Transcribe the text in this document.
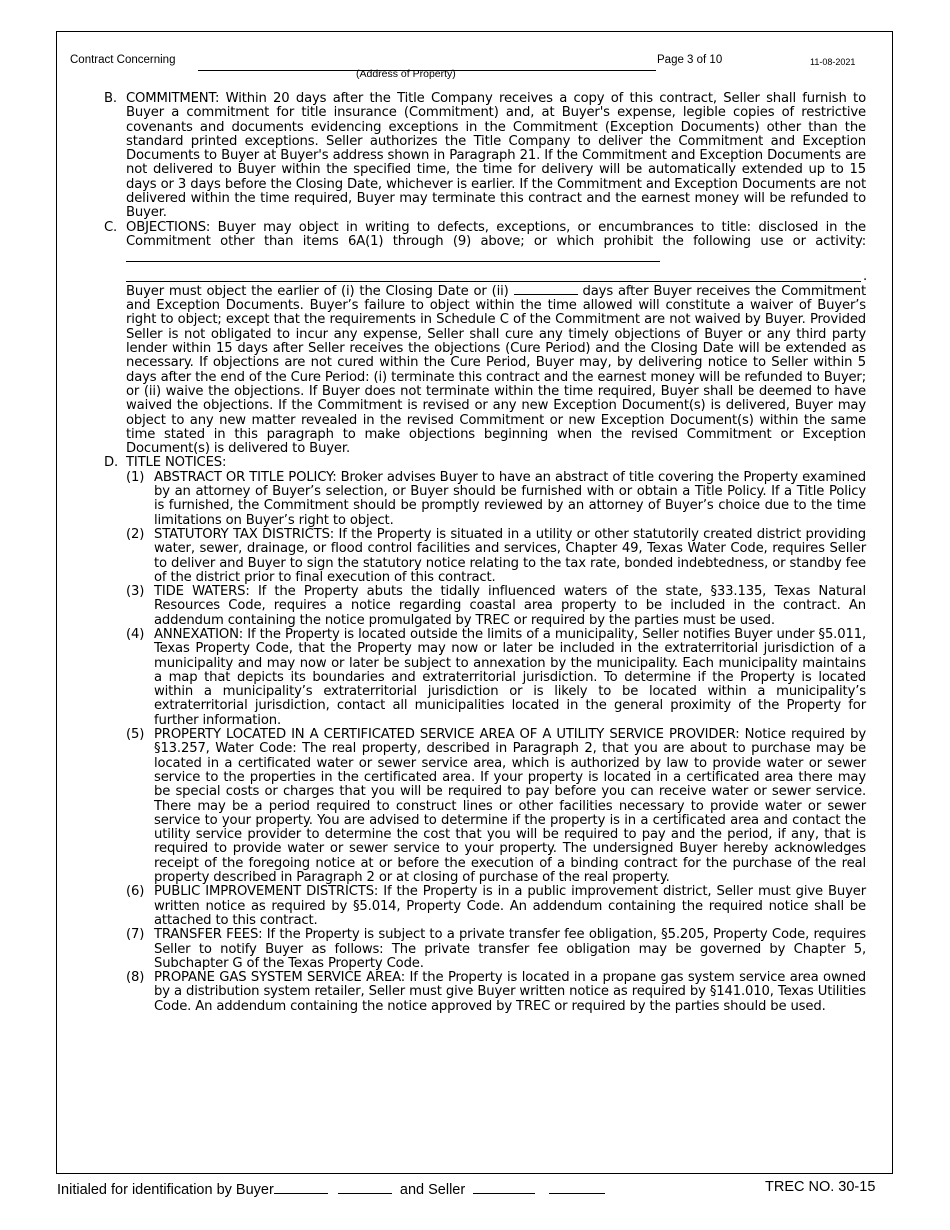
Contract Concerning
(Address of Property)
Page 3 of 10	11-08-2021
B. COMMITMENT: Within 20 days after the Title Company receives a copy of this contract, Seller shall furnish to Buyer a commitment for title insurance (Commitment) and, at Buyer's expense, legible copies of restrictive covenants and documents evidencing exceptions in the Commitment (Exception Documents) other than the standard printed exceptions. Seller authorizes the Title Company to deliver the Commitment and Exception Documents to Buyer at Buyer's address shown in Paragraph 21. If the Commitment and Exception Documents are not delivered to Buyer within the specified time, the time for delivery will be automatically extended up to 15 days or 3 days before the Closing Date, whichever is earlier. If the Commitment and Exception Documents are not delivered within the time required, Buyer may terminate this contract and the earnest money will be refunded to Buyer.
C. OBJECTIONS: Buyer may object in writing to defects, exceptions, or encumbrances to title: disclosed in the Commitment other than items 6A(1) through (9) above; or which prohibit the following use or activity:
.
Buyer must object the earlier of (i) the Closing Date or (ii)	days after Buyer receives the Commitment and Exception Documents. Buyer’s failure to object within the time allowed will constitute a waiver of Buyer’s right to object; except that the requirements in Schedule C of the Commitment are not waived by Buyer. Provided Seller is not obligated to incur any expense, Seller shall cure any timely objections of Buyer or any third party lender within 15 days after Seller receives the objections (Cure Period) and the Closing Date will be extended as necessary. If objections are not cured within the Cure Period, Buyer may, by delivering notice to Seller within 5 days after the end of the Cure Period: (i) terminate this contract and the earnest money will be refunded to Buyer; or (ii) waive the objections. If Buyer does not terminate within the time required, Buyer shall be deemed to have waived the objections. If the Commitment is revised or any new Exception Document(s) is delivered, Buyer may object to any new matter revealed in the revised Commitment or new Exception Document(s) within the same time stated in this paragraph to make objections beginning when the revised Commitment or Exception Document(s) is delivered to Buyer.
D. TITLE NOTICES:
(1) ABSTRACT OR TITLE POLICY: Broker advises Buyer to have an abstract of title covering the Property examined by an attorney of Buyer’s selection, or Buyer should be furnished with or obtain a Title Policy. If a Title Policy is furnished, the Commitment should be promptly reviewed by an attorney of Buyer’s choice due to the time limitations on Buyer’s right to object.
(2) STATUTORY TAX DISTRICTS: If the Property is situated in a utility or other statutorily created district providing water, sewer, drainage, or flood control facilities and services, Chapter 49, Texas Water Code, requires Seller to deliver and Buyer to sign the statutory notice relating to the tax rate, bonded indebtedness, or standby fee of the district prior to final execution of this contract.
(3) TIDE WATERS: If the Property abuts the tidally influenced waters of the state, §33.135, Texas Natural Resources Code, requires a notice regarding coastal area property to be included in the contract. An addendum containing the notice promulgated by TREC or required by the parties must be used.
(4) ANNEXATION: If the Property is located outside the limits of a municipality, Seller notifies Buyer under §5.011, Texas Property Code, that the Property may now or later be included in the extraterritorial jurisdiction of a municipality and may now or later be subject to annexation by the municipality. Each municipality maintains a map that depicts its boundaries and extraterritorial jurisdiction. To determine if the Property is located within a municipality’s extraterritorial jurisdiction or is likely to be located within a municipality’s extraterritorial jurisdiction, contact all municipalities located in the general proximity of the Property for further information.
(5) PROPERTY LOCATED IN A CERTIFICATED SERVICE AREA OF A UTILITY SERVICE PROVIDER: Notice required by §13.257, Water Code: The real property, described in Paragraph 2, that you are about to purchase may be located in a certificated water or sewer service area, which is authorized by law to provide water or sewer service to the properties in the certificated area. If your property is located in a certificated area there may be special costs or charges that you will be required to pay before you can receive water or sewer service. There may be a period required to construct lines or other facilities necessary to provide water or sewer service to your property. You are advised to determine if the property is in a certificated area and contact the utility service provider to determine the cost that you will be required to pay and the period, if any, that is required to provide water or sewer service to your property. The undersigned Buyer hereby acknowledges receipt of the foregoing notice at or before the execution of a binding contract for the purchase of the real property described in Paragraph 2 or at closing of purchase of the real property.
(6) PUBLIC IMPROVEMENT DISTRICTS: If the Property is in a public improvement district, Seller must give Buyer written notice as required by §5.014, Property Code. An addendum containing the required notice shall be attached to this contract.
(7) TRANSFER FEES: If the Property is subject to a private transfer fee obligation, §5.205, Property Code, requires Seller to notify Buyer as follows: The private transfer fee obligation may be governed by Chapter 5, Subchapter G of the Texas Property Code.
(8) PROPANE GAS SYSTEM SERVICE AREA: If the Property is located in a propane gas system service area owned by a distribution system retailer, Seller must give Buyer written notice as required by §141.010, Texas Utilities Code. An addendum containing the notice approved by TREC or required by the parties should be used.
Initialed for identification by Buyer	and Seller	TREC NO. 30-15
